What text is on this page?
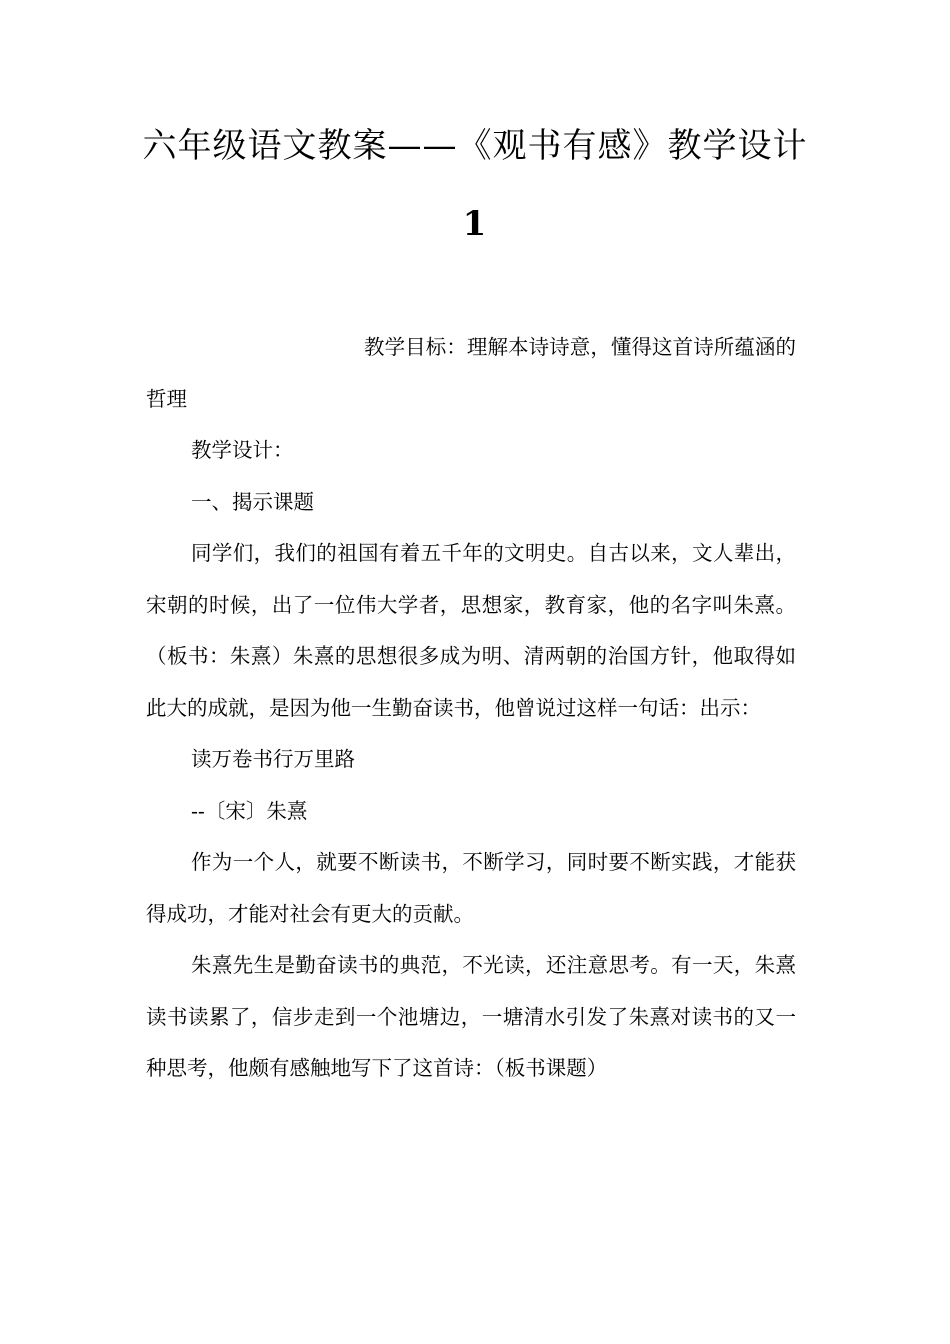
六年级语文教案——《观书有感》教学设计
1

教学目标：理解本诗诗意，懂得这首诗所蕴涵的哲理

教学设计：

一、揭示课题

同学们，我们的祖国有着五千年的文明史。自古以来，文人辈出，宋朝的时候，出了一位伟大学者，思想家，教育家，他的名字叫朱熹。（板书：朱熹）朱熹的思想很多成为明、清两朝的治国方针，他取得如此大的成就，是因为他一生勤奋读书，他曾说过这样一句话：出示：

读万卷书行万里路

--〔宋〕朱熹

作为一个人，就要不断读书，不断学习，同时要不断实践，才能获得成功，才能对社会有更大的贡献。

朱熹先生是勤奋读书的典范，不光读，还注意思考。有一天，朱熹读书读累了，信步走到一个池塘边，一塘清水引发了朱熹对读书的又一种思考，他颇有感触地写下了这首诗：（板书课题）
